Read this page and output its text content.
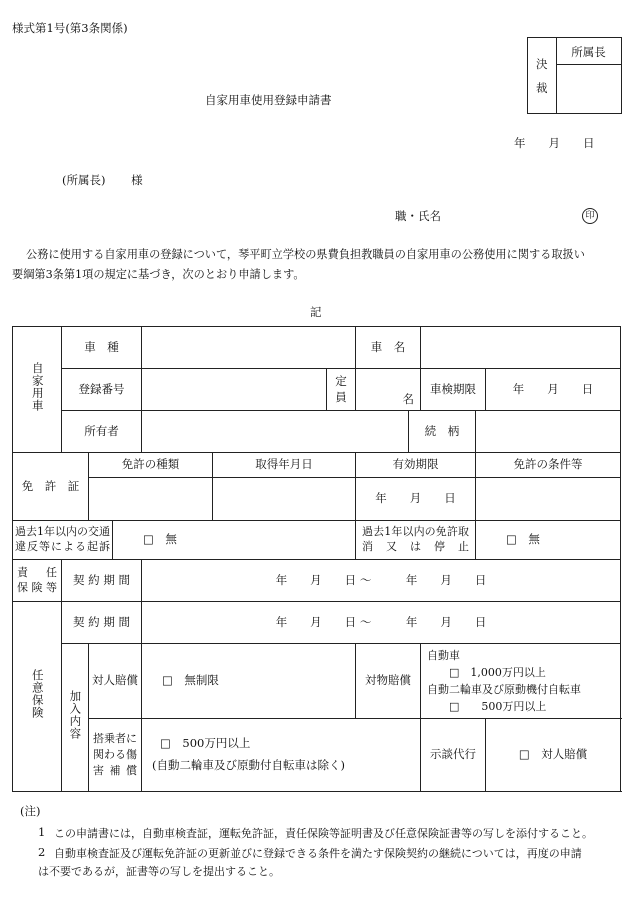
様式第1号(第3条関係)
決
裁
所属長
自家用車使用登録申請書
年　　月　　日
(所属長) 様
職・氏名	印
公務に使用する自家用車の登録について，琴平町立学校の県費負担教職員の自家用車の公務使用に関する取扱い
要綱第3条第1項の規定に基づき，次のとおり申請します。
記
自家用車	車　種						車　名				
	登録番号					定　員	名		車検期限		年　　月　　日
	所有者							続　柄			
免　許　証		免許の種類			取得年月日		有効期限			免許の条件等	
							年　　月　　日				
過去1年以内の交通違反等による起訴			□　無				過去1年以内の免許取消又は停止			□　無	
責　任保険等	契 約 期 間			年　　月　　日 〜　　　年　　月　　日							
任意保険	契 約 期 間			年　　月　　日 〜　　　年　　月　　日							
	加入内容	対人賠償		□　無制限			対物賠償		自動車
□　1,000万円以上
自動二輪車及び原動機付自転車
□　　500万円以上		

		搭乗者に関わる傷害補償		□　500万円以上
(自動二輪車及び原動付自転車は除く)					示談代行		□　対人賠償
(注)
1 この申請書には，自動車検査証，運転免許証，責任保険等証明書及び任意保険証書等の写しを添付すること。
2 自動車検査証及び運転免許証の更新並びに登録できる条件を満たす保険契約の継続については，再度の申請
は不要であるが，証書等の写しを提出すること。
